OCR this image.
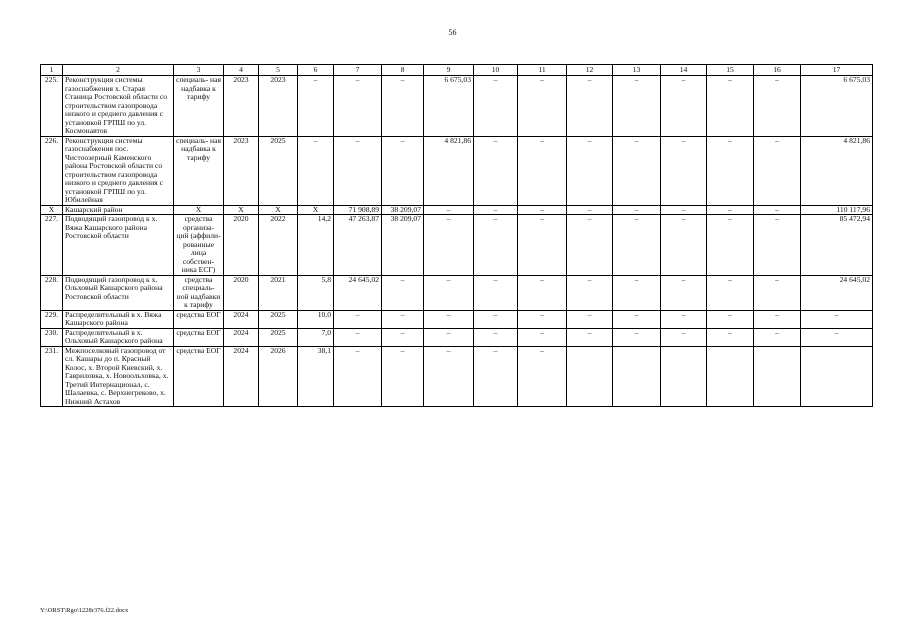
56
1	2	3	4	5	6	7	8	9	10	11	12	13	14	15	16	17
225.	Реконструкция системы газоснабжения х. Старая Станица Ростовской области со строительством газопровода низкого и среднего давления с установкой ГРПШ по ул. Космонавтов	специаль- ная надбавка к тарифу	2023	2023	–	–	–	6 675,03	–	–	–	–	–	–	–	6 675,03
226.	Реконструкция системы газоснабжения пос. Чистоозерный Каменского района Ростовской области со строительством газопровода низкого и среднего давления с установкой ГРПШ по ул. Юбилейная	специаль- ная надбавка к тарифу	2023	2025	–	–	–	4 821,86	–	–	–	–	–	–	–	4 821,86
X	Кашарский район	X	X	X	X	71 908,89	38 209,07	–	–	–	–	–	–	–	–	110 117,96
227.	Подводящий газопровод к х. Вяжа Кашарского района Ростовской области	средства организа- ций (аффили- рованные лица собствен- ника ЕСГ)	2020	2022	14,2	47 263,87	38 209,07	–	–	–	–	–	–	–	–	85 472,94
228.	Подводящий газопровод к х. Ольховый Кашарского района Ростовской области	средства специаль- ной надбавки к тарифу	2020	2021	5,8	24 645,02	–	–	–	–	–	–	–	–	–	24 645,02
229.	Распределительный в х. Вяжа Кашарского района	средства ЕОГ	2024	2025	10,0	–	–	–	–	–	–	–	–	–	–	–
230.	Распределительный в х. Ольховый Кашарского района	средства ЕОГ	2024	2025	7,0	–	–	–	–	–	–	–	–	–	–	–
231.	Межпоселковый газопровод от сл. Кашары до п. Красный Колос, х. Второй Киевский, х. Гавриловка, х. Новоольховка, х. Третий Интернационал, с. Шалаевка, с. Верхнегреково, х. Нижний Астахов	средства ЕОГ	2024	2026	38,1	–	–	–	–	–						
Y:\ORST\Rgo\1228r376.f22.docx
